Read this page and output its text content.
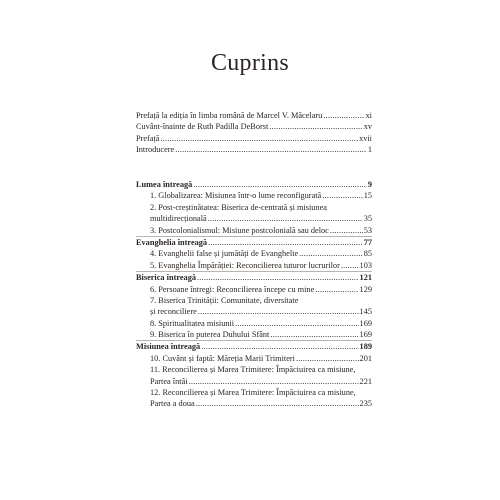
Cuprins
Prefață la ediția în limba română de Marcel V. Măcelaru .....	xi
Cuvânt-înainte de Ruth Padilla DeBorst .....	xv
Prefață .....	xvii
Introducere .....	1
Lumea întreagă .....	9
1. Globalizarea: Misiunea într-o lume reconfigurată .....	15
2. Post-creștinătatea: Biserica de-centrată și misiunea
multidirecțională .....	35
3. Postcolonialismul: Misiune postcolonială sau deloc .....	53
Evanghelia întreagă .....	77
4. Evanghelii false și jumătăți de Evanghelie .....	85
5. Evanghelia Împărăției: Reconcilierea tuturor lucrurilor ..... 103
Biserica întreagă .....	121
6. Persoane întregi: Reconcilierea începe cu mine .....	129
7. Biserica Trinității: Comunitate, diversitate
și reconciliere .....	145
8. Spiritualitatea misiunii .....	169
9. Biserica în puterea Duhului Sfânt .....	169
Misiunea întreagă .....	189
10. Cuvânt și faptă: Măreția Marii Trimiteri .....	201
11. Reconcilierea și Marea Trimitere: Împăciuirea ca misiune,
Partea întâi .....	221
12. Reconcilierea și Marea Trimitere: Împăciuirea ca misiune,
Partea a doua .....	235
